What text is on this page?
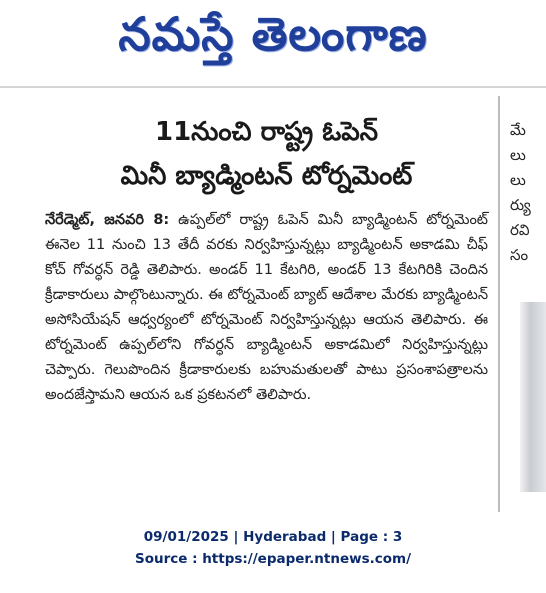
నమస్తే తెలంగాణ
11నుంచి రాష్ట్ర ఓపెన్
మినీ బ్యాడ్మింటన్ టోర్నమెంట్

నేరేడ్మెట్, జనవరి 8: ఉప్పల్‌లో రాష్ట్ర ఓపెన్ మినీ బ్యాడ్మింటన్ టోర్నమెంట్ ఈనెల 11 నుంచి 13 తేదీ వరకు నిర్వహిస్తున్నట్లు బ్యాడ్మింటన్ అకాడమి చీఫ్ కోచ్ గోవర్ధన్ రెడ్డి తెలిపారు. అండర్ 11 కేటగిరి, అండర్ 13 కేటగిరికి చెందిన క్రీడాకారులు పాల్గొంటున్నారు. ఈ టోర్నమెంట్ బ్యాట్ ఆదేశాల మేరకు బ్యాడ్మింటన్ అసోసియేషన్ ఆధ్వర్యంలో టోర్నమెంట్ నిర్వహిస్తున్నట్లు ఆయన తెలిపారు. ఈ టోర్నమెంట్ ఉప్పల్‌లోని గోవర్ధన్ బ్యాడ్మింటన్ అకాడమిలో నిర్వహిస్తున్నట్లు చెప్పారు. గెలుపొందిన క్రీడాకారులకు బహుమతులతో పాటు ప్రసంశాపత్రాలను అందజేస్తామని ఆయన ఒక ప్రకటనలో తెలిపారు.

మే
లు
లు
ర్యు
రవి
సం
09/01/2025 | Hyderabad | Page : 3
Source : https://epaper.ntnews.com/
